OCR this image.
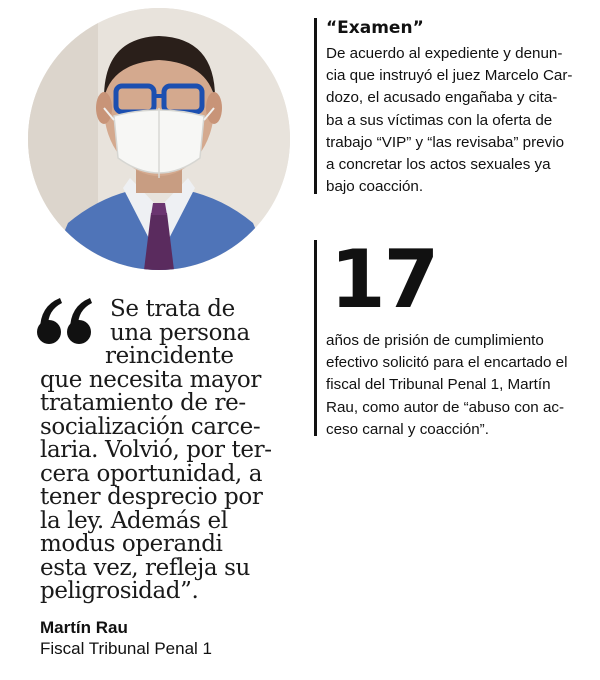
Se trata de
una persona
reincidente
que necesita mayor
tratamiento de re-
socialización carce-
laria. Volvió, por ter-
cera oportunidad, a
tener desprecio por
la ley. Además el
modus operandi
esta vez, refleja su
peligrosidad”.
Martín Rau
Fiscal Tribunal Penal 1
“Examen”
De acuerdo al expediente y denun-
cia que instruyó el juez Marcelo Car-
dozo, el acusado engañaba y cita-
ba a sus víctimas con la oferta de
trabajo “VIP” y “las revisaba” previo
a concretar los actos sexuales ya
bajo coacción.
17
años de prisión de cumplimiento
efectivo solicitó para el encartado el
fiscal del Tribunal Penal 1, Martín
Rau, como autor de “abuso con ac-
ceso carnal y coacción”.
